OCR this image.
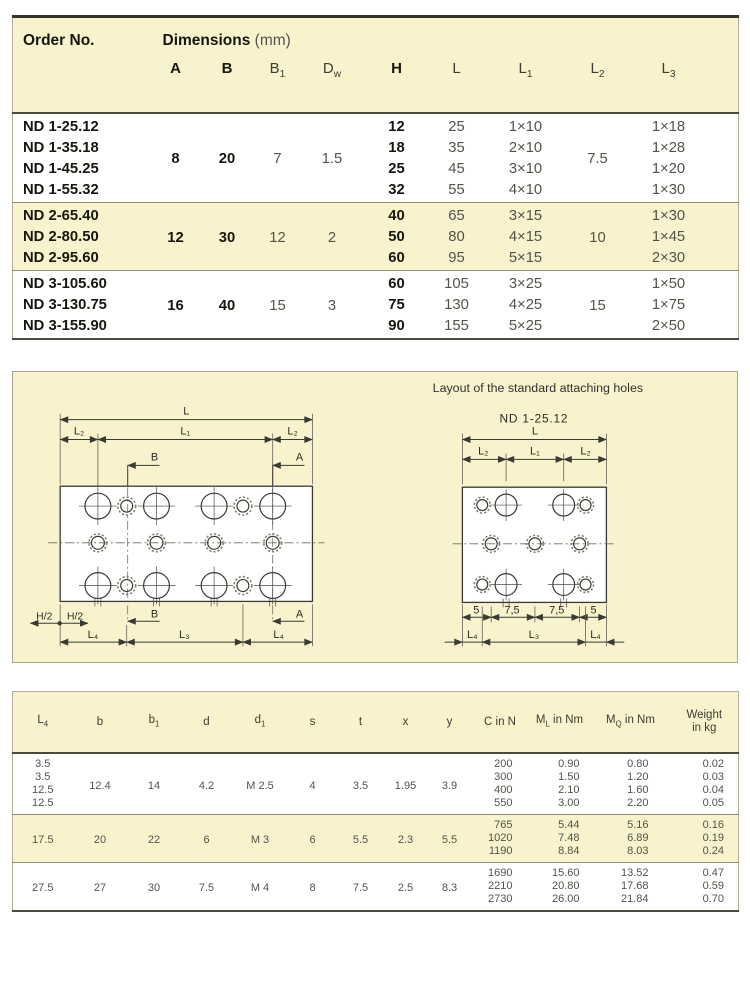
Order No.	Dimensions (mm)									
	A	B	$B_1$	$D_w$	H	L	$L_1$	$L_2$	$L_3$	
ND 1-25.12	8	20	7	1.5	12	25	1×10	7.5	1×18	
ND 1-35.18					18	35	2×10		1×28	
ND 1-45.25					25	45	3×10		1×20	
ND 1-55.32					32	55	4×10		1×30	
ND 2-65.40	12	30	12	2	40	65	3×15	10	1×30	
ND 2-80.50					50	80	4×15		1×45	
ND 2-95.60					60	95	5×15		2×30	
ND 3-105.60	16	40	15	3	60	105	3×25	15	1×50	
ND 3-130.75					75	130	4×25		1×75	
ND 3-155.90					90	155	5×25		2×50	
L
L₂	L₁	L₂
B	A
H/2 H/2	B	A
L₄	L₃	L₄
Layout of the standard attaching holes
ND 1-25.12
L
L₂	L₁	L₂
5 7,5	7,5 5
L₄	L₃	L₄
$L_4$	b	$b_1$	d	$d_1$	s	t	x	y	C in N	$M_L$ in Nm	$M_Q$ in Nm	Weight
in kg
3.5	12.4	14	4.2	M 2.5	4	3.5	1.95	3.9	200	0.90	0.80	0.02
3.5									300	1.50	1.20	0.03
12.5									400	2.10	1.60	0.04
12.5									550	3.00	2.20	0.05
17.5	20	22	6	M 3	6	5.5	2.3	5.5	765	5.44	5.16	0.16
									1020	7.48	6.89	0.19
									1190	8.84	8.03	0.24
27.5	27	30	7.5	M 4	8	7.5	2.5	8.3	1690	15.60	13.52	0.47
									2210	20.80	17.68	0.59
									2730	26.00	21.84	0.70
